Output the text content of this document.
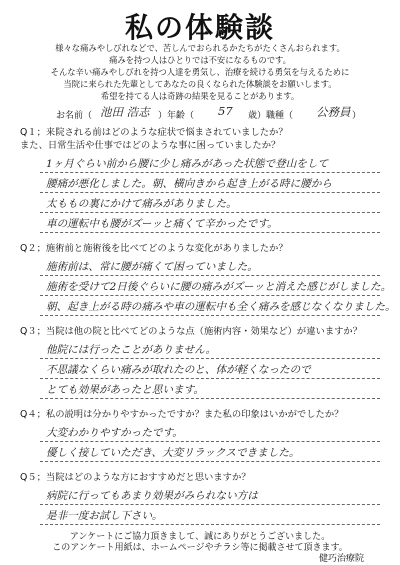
私の体験談
様々な痛みやしびれなどで、苦しんでおられるかたちがたくさんおられます。
痛みを持つ人はひとりでは不安になるものです。
そんな辛い痛みやしびれを持つ人達を勇気し、治療を続ける勇気を与えるために
当院に来られた先輩としてあなたの良くなられた体験談をお願いします。
希望を持てる人は奇跡の結果を見ることがあります。
お名前（ 池田 浩志 ）年齢（ 57 歳）職種（ 公務員 ）
Q１；来院される前はどのような症状で悩まされていましたか？
また、日常生活や仕事ではどのような事に困っていましたか？
1ヶ月ぐらい前から腰に少し痛みがあった状態で登山をして
腰痛が悪化しました。朝、横向きから起き上がる時に腰から
太ももの裏にかけて痛みがありました。
車の運転中も腰がズーッと痛くて辛かったです。
Q２；施術前と施術後を比べてどのような変化がありましたか？
施術前は、常に腰が痛くて困っていました。
施術を受けて2日後ぐらいに腰の痛みがズーッと消えた感じがしました。
朝、起き上がる時の痛みや車の運転中も全く痛みを感じなくなりました。
Q３；当院は他の院と比べてどのような点（施術内容・効果など）が違いますか？
他院には行ったことがありません。
不思議なくらい痛みが取れたのと、体が軽くなったので
とても効果があったと思います。
Q４；私の説明は分かりやすかったですか？また私の印象はいかがでしたか？
大変わかりやすかったです。
優しく接していただき、大変リラックスできました。
Q５；当院はどのような方におすすめだと思いますか？
病院に行ってもあまり効果がみられない方は
是非一度お試し下さい。
アンケートにご協力頂きまして、誠にありがとうございました。
このアンケート用紙は、ホームページやチラシ等に掲載させて頂きます。
健巧治療院
